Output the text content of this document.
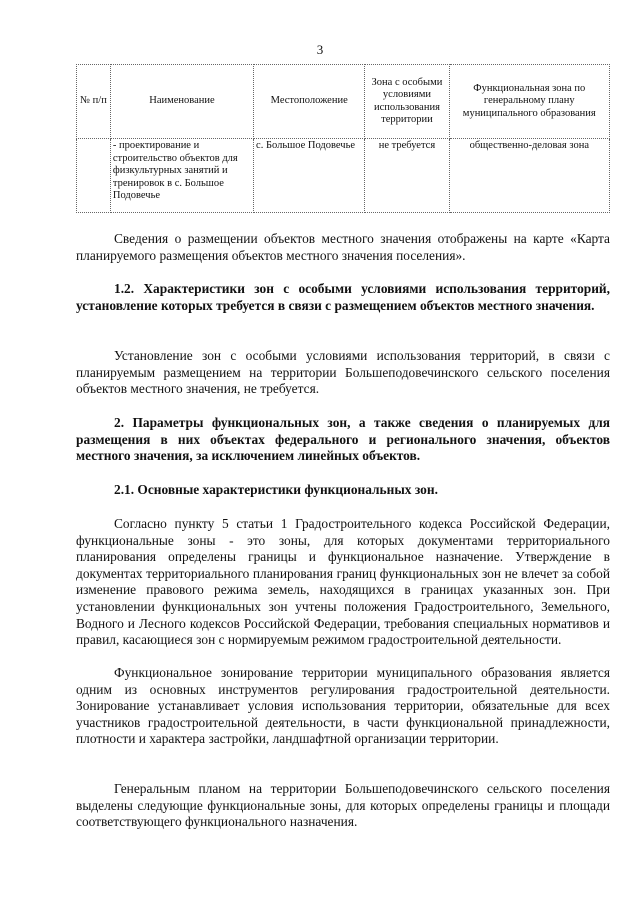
3
№ п/п	Наименование	Местоположение	Зона с особыми условиями использования территории	Функциональная зона по генеральному плану муниципального образования
	- проектирование и строительство объектов для физкультурных занятий и тренировок в с. Большое Подовечье	с. Большое Подовечье	не требуется	общественно-деловая зона
Сведения о размещении объектов местного значения отображены на карте «Карта планируемого размещения объектов местного значения поселения».
1.2. Характеристики зон с особыми условиями использования территорий, установление которых требуется в связи с размещением объектов местного значения.
Установление зон с особыми условиями использования территорий, в связи с планируемым размещением на территории Большеподовечинского сельского поселения объектов местного значения, не требуется.
2. Параметры функциональных зон, а также сведения о планируемых для размещения в них объектах федерального и регионального значения, объектов местного значения, за исключением линейных объектов.
2.1. Основные характеристики функциональных зон.
Согласно пункту 5 статьи 1 Градостроительного кодекса Российской Федерации, функциональные зоны - это зоны, для которых документами территориального планирования определены границы и функциональное назначение. Утверждение в документах территориального планирования границ функциональных зон не влечет за собой изменение правового режима земель, находящихся в границах указанных зон. При установлении функциональных зон учтены положения Градостроительного, Земельного, Водного и Лесного кодексов Российской Федерации, требования специальных нормативов и правил, касающиеся зон с нормируемым режимом градостроительной деятельности.
Функциональное зонирование территории муниципального образования является одним из основных инструментов регулирования градостроительной деятельности. Зонирование устанавливает условия использования территории, обязательные для всех участников градостроительной деятельности, в части функциональной принадлежности, плотности и характера застройки, ландшафтной организации территории.
Генеральным планом на территории Большеподовечинского сельского поселения выделены следующие функциональные зоны, для которых определены границы и площади соответствующего функционального назначения.
